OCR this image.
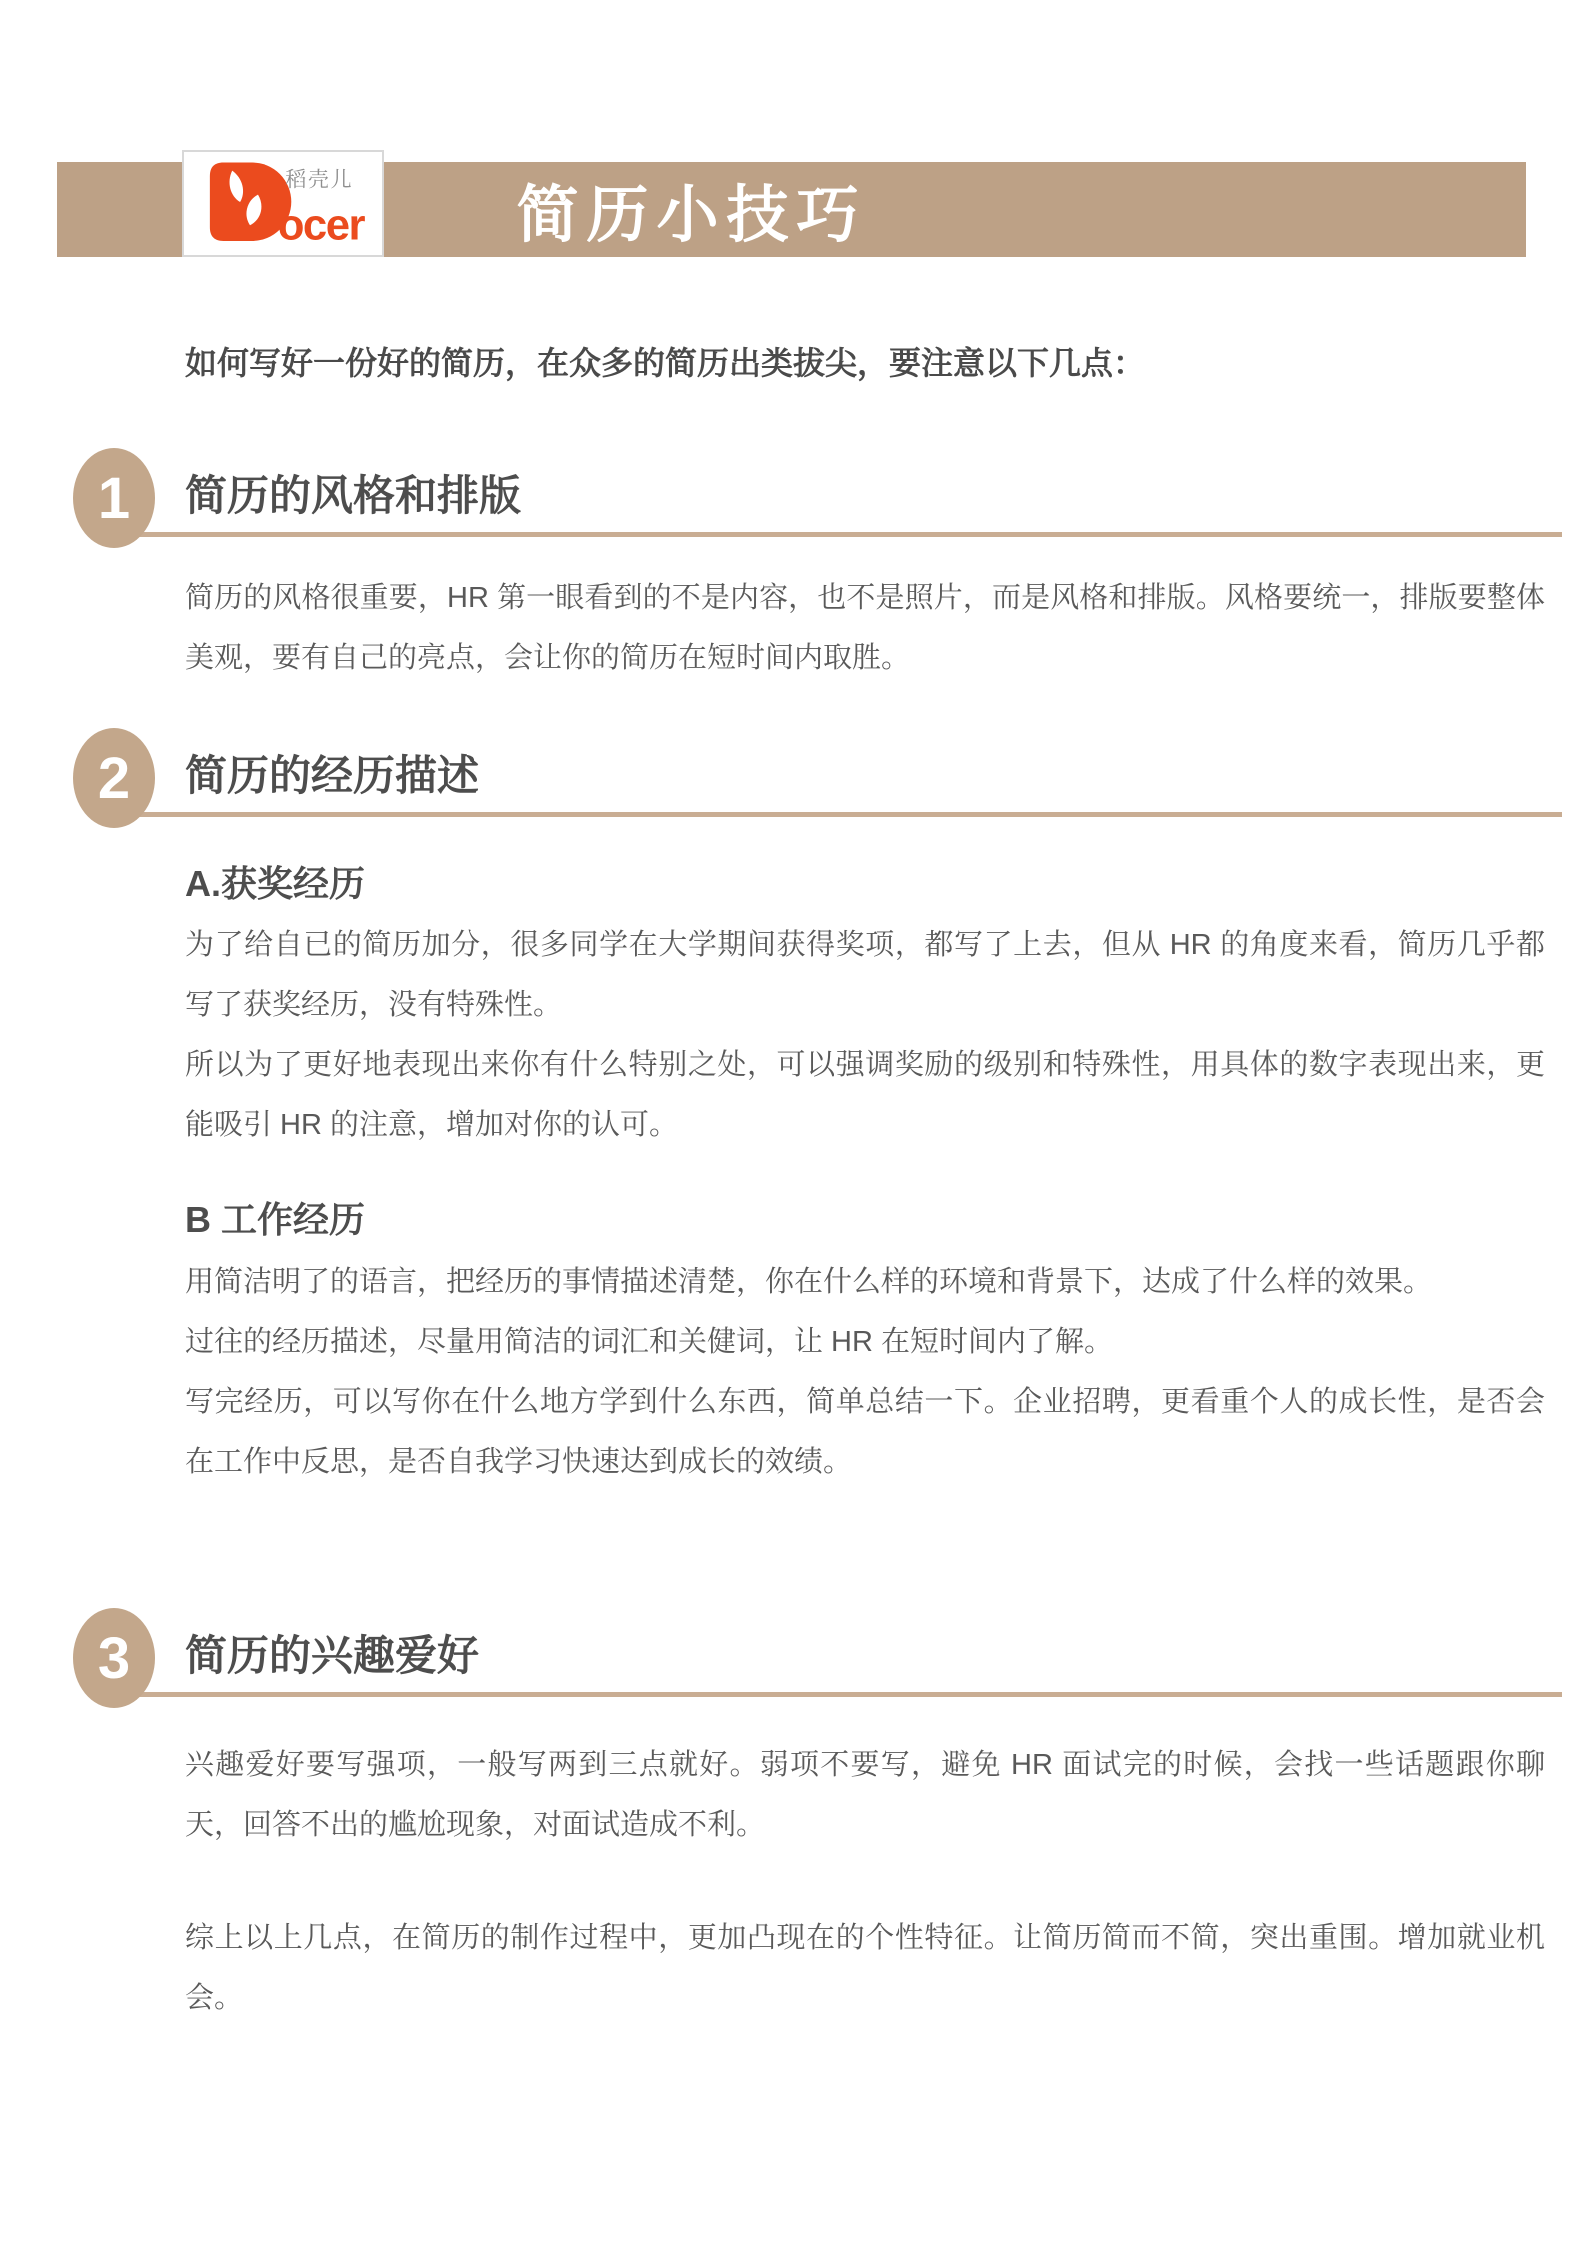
稻壳儿
ocer 简历小技巧

如何写好一份好的简历，在众多的简历出类拔尖，要注意以下几点：

1	简历的风格和排版

简历的风格很重要，HR 第一眼看到的不是内容，也不是照片，而是风格和排版。风格要统一，排版要整体美观，要有自己的亮点，会让你的简历在短时间内取胜。

2	简历的经历描述
A.获奖经历

为了给自已的简历加分，很多同学在大学期间获得奖项，都写了上去，但从 HR 的角度来看，简历几乎都写了获奖经历，没有特殊性。

所以为了更好地表现出来你有什么特别之处，可以强调奖励的级别和特殊性，用具体的数字表现出来，更能吸引 HR 的注意，增加对你的认可。

B 工作经历

用简洁明了的语言，把经历的事情描述清楚，你在什么样的环境和背景下，达成了什么样的效果。

过往的经历描述，尽量用简洁的词汇和关健词，让 HR 在短时间内了解。

写完经历，可以写你在什么地方学到什么东西，简单总结一下。企业招聘，更看重个人的成长性，是否会在工作中反思，是否自我学习快速达到成长的效绩。

3	简历的兴趣爱好

兴趣爱好要写强项，一般写两到三点就好。弱项不要写，避免 HR 面试完的时候，会找一些话题跟你聊天，回答不出的尴尬现象，对面试造成不利。

综上以上几点，在简历的制作过程中，更加凸现在的个性特征。让简历简而不简，突出重围。增加就业机会。
